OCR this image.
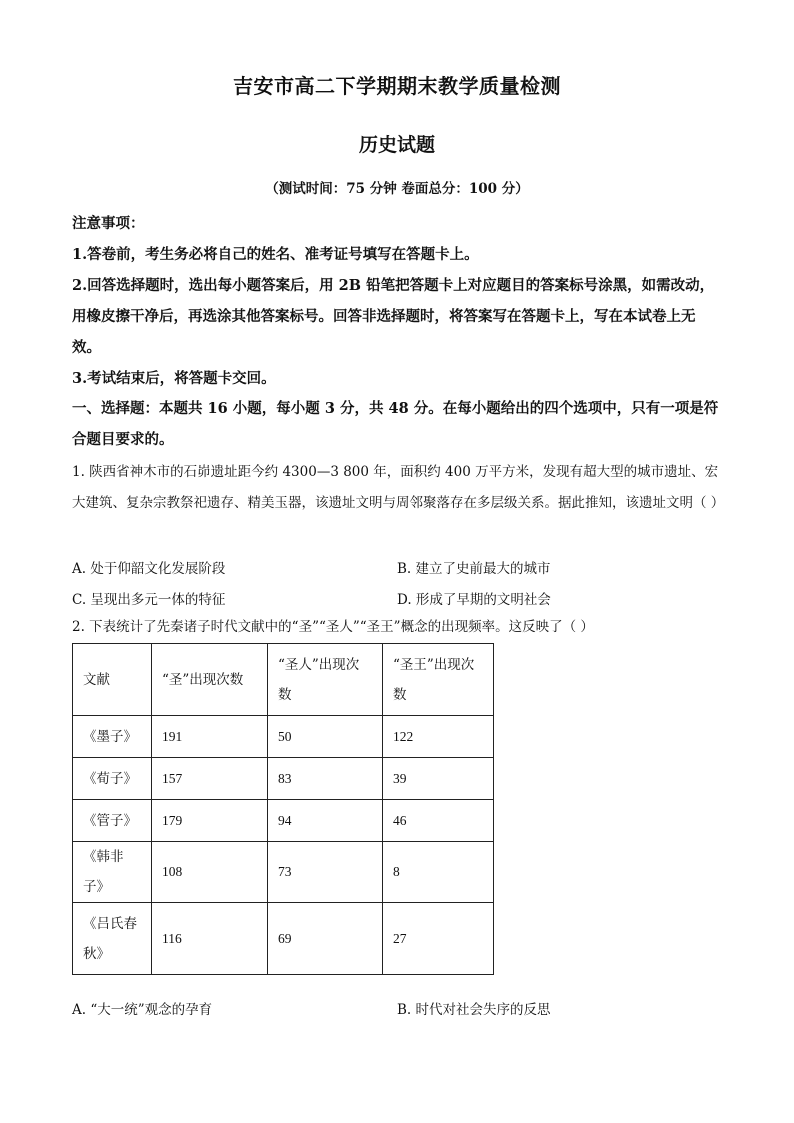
吉安市高二下学期期末教学质量检测
历史试题
（测试时间：75 分钟 卷面总分：100 分）
注意事项：
1.答卷前，考生务必将自己的姓名、准考证号填写在答题卡上。
2.回答选择题时，选出每小题答案后，用 2B 铅笔把答题卡上对应题目的答案标号涂黑，如需改动，用橡皮擦干净后，再选涂其他答案标号。回答非选择题时，将答案写在答题卡上，写在本试卷上无效。
3.考试结束后，将答题卡交回。
一、选择题：本题共 16 小题，每小题 3 分，共 48 分。在每小题给出的四个选项中，只有一项是符合题目要求的。
1. 陕西省神木市的石峁遗址距今约 4300—3 800 年，面积约 400 万平方米，发现有超大型的城市遗址、宏大建筑、复杂宗教祭祀遗存、精美玉器，该遗址文明与周邻聚落存在多层级关系。据此推知，该遗址文明（ ）
A. 处于仰韶文化发展阶段	B. 建立了史前最大的城市
C. 呈现出多元一体的特征	D. 形成了早期的文明社会
2. 下表统计了先秦诸子时代文献中的“圣”“圣人”“圣王”概念的出现频率。这反映了（ ）
文献	“圣”出现次数	“圣人”出现次数	“圣王”出现次数
《墨子》	191	50	122
《荀子》	157	83	39
《管子》	179	94	46
《韩非子》	108	73	8
《吕氏春秋》	116	69	27
A. “大一统”观念的孕育	B. 时代对社会失序的反思
